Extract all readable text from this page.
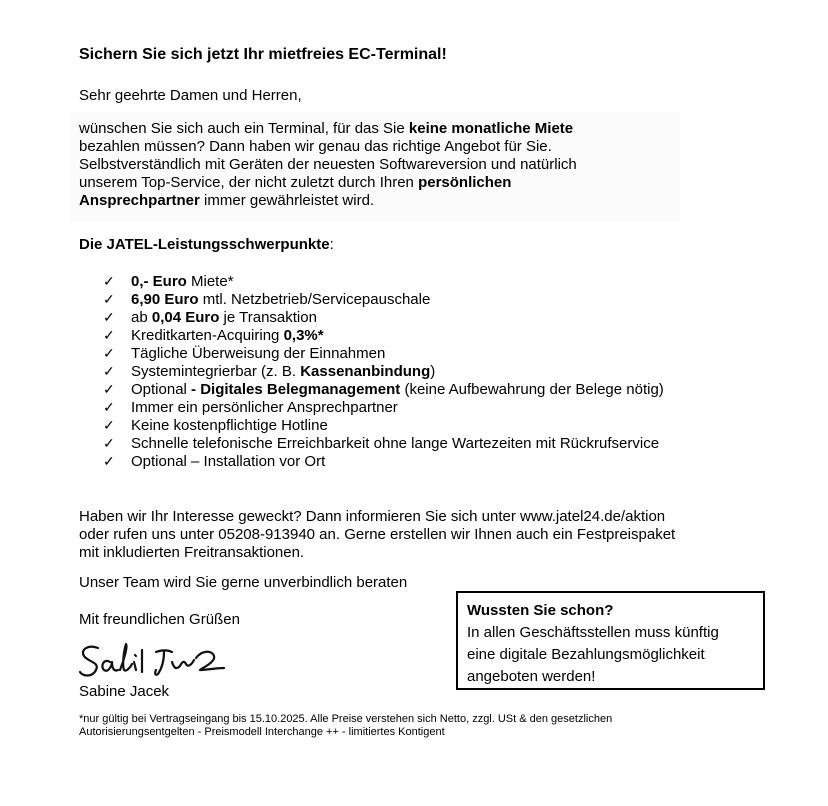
Sichern Sie sich jetzt Ihr mietfreies EC-Terminal!
Sehr geehrte Damen und Herren,
wünschen Sie sich auch ein Terminal, für das Sie keine monatliche Miete
bezahlen müssen? Dann haben wir genau das richtige Angebot für Sie.
Selbstverständlich mit Geräten der neuesten Softwareversion und natürlich
unserem Top-Service, der nicht zuletzt durch Ihren persönlichen
Ansprechpartner immer gewährleistet wird.
Die JATEL-Leistungsschwerpunkte:
✓ 0,- Euro Miete*
✓ 6,90 Euro mtl. Netzbetrieb/Servicepauschale
✓ ab 0,04 Euro je Transaktion
✓ Kreditkarten-Acquiring 0,3%*
✓ Tägliche Überweisung der Einnahmen
✓ Systemintegrierbar (z. B. Kassenanbindung)
✓ Optional - Digitales Belegmanagement (keine Aufbewahrung der Belege nötig)
✓ Immer ein persönlicher Ansprechpartner
✓ Keine kostenpflichtige Hotline
✓ Schnelle telefonische Erreichbarkeit ohne lange Wartezeiten mit Rückrufservice
✓ Optional – Installation vor Ort
Haben wir Ihr Interesse geweckt? Dann informieren Sie sich unter www.jatel24.de/aktion
oder rufen uns unter 05208-913940 an. Gerne erstellen wir Ihnen auch ein Festpreispaket
mit inkludierten Freitransaktionen.
Unser Team wird Sie gerne unverbindlich beraten
Mit freundlichen Grüßen
Sabine Jacek
*nur gültig bei Vertragseingang bis 15.10.2025. Alle Preise verstehen sich Netto, zzgl. USt & den gesetzlichen
Autorisierungsentgelten - Preismodell Interchange ++ - limitiertes Kontigent
Wussten Sie schon?
In allen Geschäftsstellen muss künftig
eine digitale Bezahlungsmöglichkeit
angeboten werden!
